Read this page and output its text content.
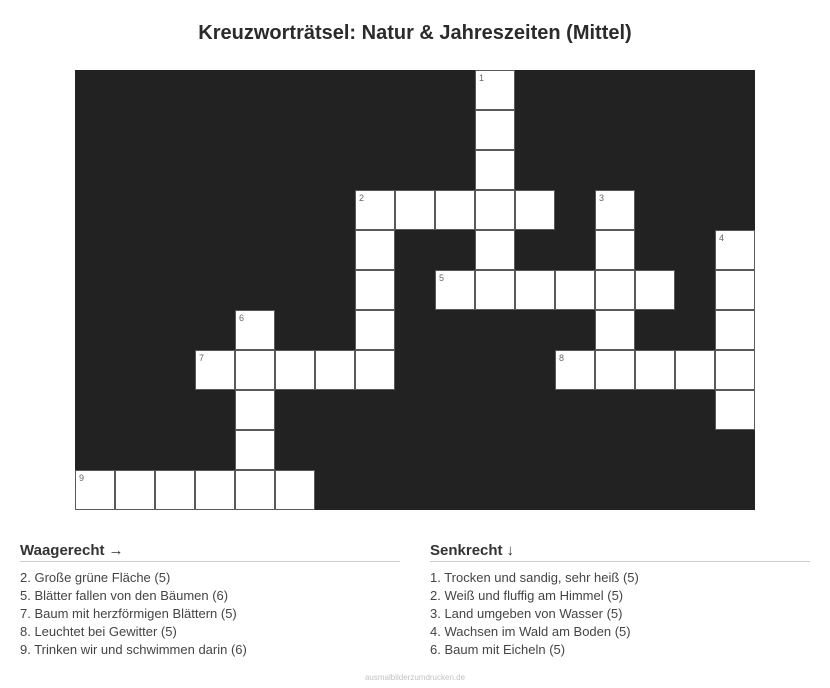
Kreuzworträtsel: Natur & Jahreszeiten (Mittel)
1
2	3
4
5
6
7	8
9
Waagerecht →
2. Große grüne Fläche (5)
5. Blätter fallen von den Bäumen (6)
7. Baum mit herzförmigen Blättern (5)
8. Leuchtet bei Gewitter (5)
9. Trinken wir und schwimmen darin (6)
Senkrecht ↓
1. Trocken und sandig, sehr heiß (5)
2. Weiß und fluffig am Himmel (5)
3. Land umgeben von Wasser (5)
4. Wachsen im Wald am Boden (5)
6. Baum mit Eicheln (5)
ausmalbilderzumdrucken.de
